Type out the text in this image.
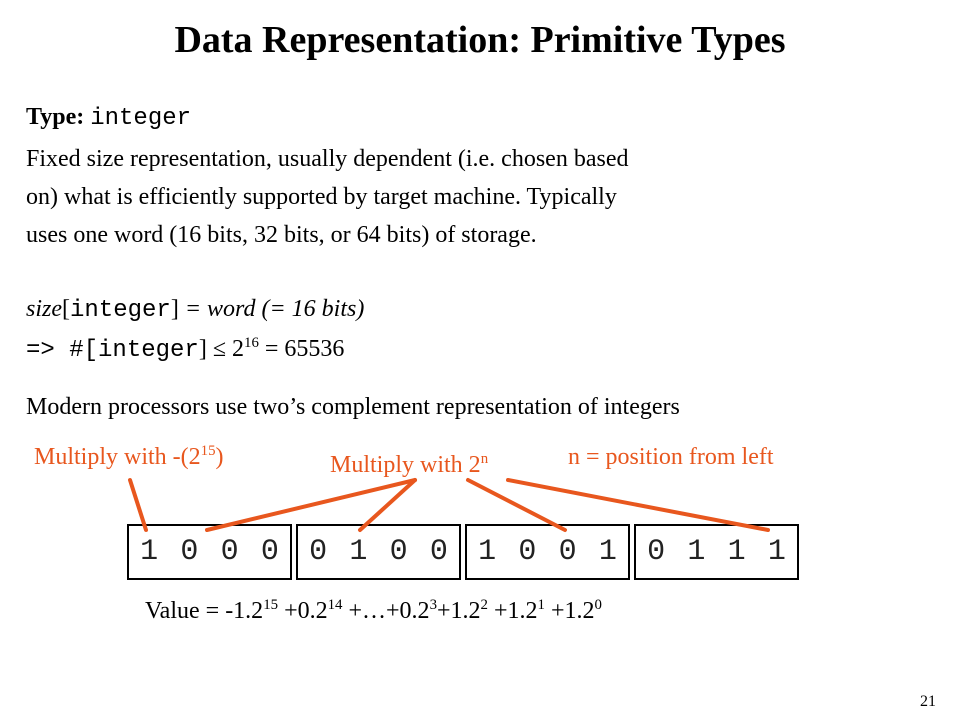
Data Representation: Primitive Types
Type: integer
Fixed size representation, usually dependent (i.e. chosen based
on) what is efficiently supported by target machine. Typically
uses one word (16 bits, 32 bits, or 64 bits) of storage.
size[integer] = word (= 16 bits)
=> #[integer] ≤ $2^{16} = 65536$
Modern processors use two’s complement representation of integers
Multiply with $-(2^{15})$	Multiply with 2$^n$	n = position from left
1 0 0 0	0 1 0 0	1 0 0 1	0 1 1 1
Value = $-1.2^{15} +0.2^{14}$ $+\dots+0.2^3+1.2^2 +1.2^1 +1.2^0$
21
